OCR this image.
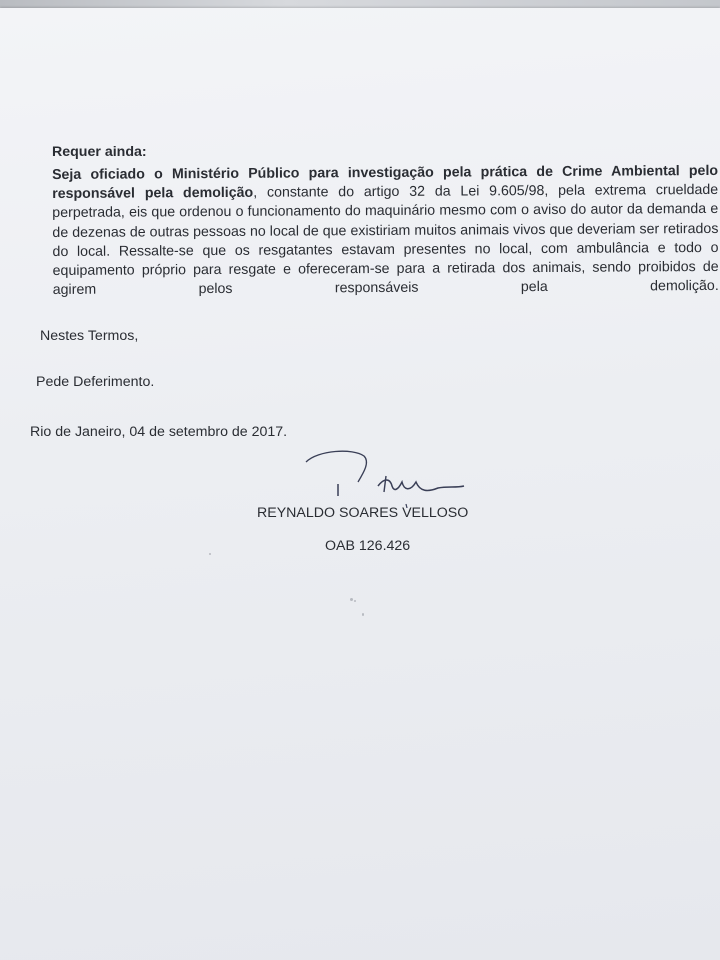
Requer ainda:
Seja oficiado o Ministério Público para investigação pela prática de Crime Ambiental pelo responsável pela demolição, constante do artigo 32 da Lei 9.605/98, pela extrema crueldade perpetrada, eis que ordenou o funcionamento do maquinário mesmo com o aviso do autor da demanda e de dezenas de outras pessoas no local de que existiriam muitos animais vivos que deveriam ser retirados do local. Ressalte-se que os resgatantes estavam presentes no local, com ambulância e todo o equipamento próprio para resgate e ofereceram-se para a retirada dos animais, sendo proibidos de agirem pelos responsáveis pela demolição.
Nestes Termos,
Pede Deferimento.
Rio de Janeiro, 04 de setembro de 2017.
REYNALDO SOARES VELLOSO
OAB 126.426
